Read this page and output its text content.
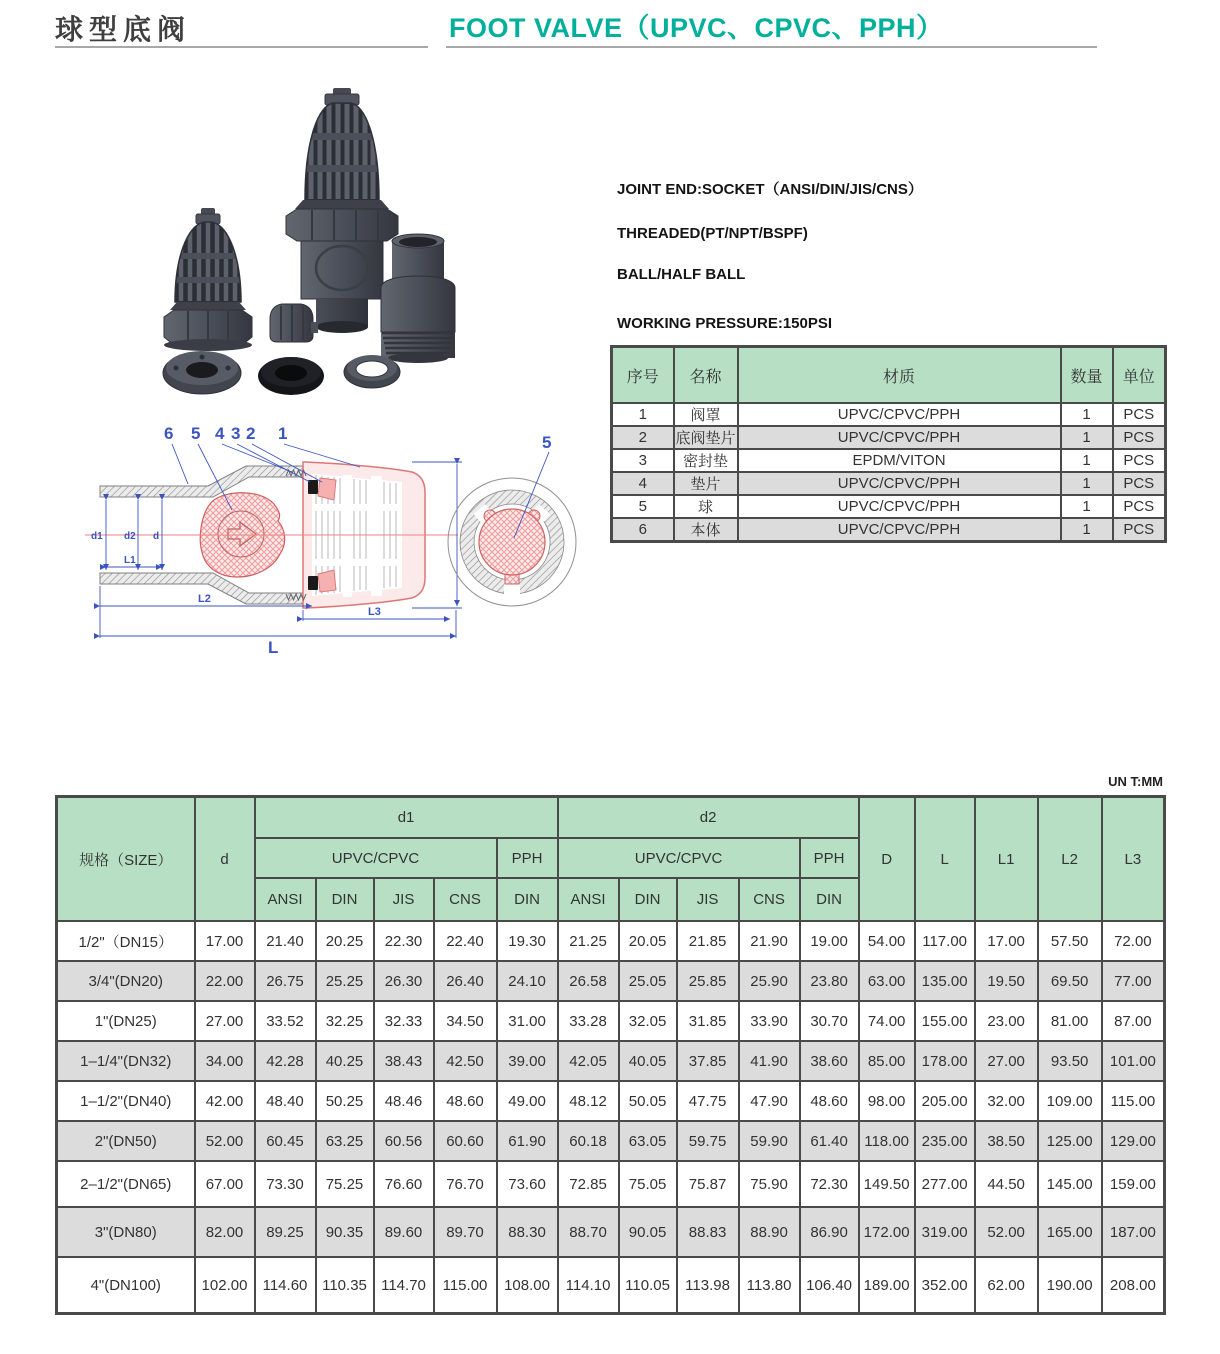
球型底阀	FOOT VALVE（UPVC、CPVC、PPH）
d1 d2 d
L1
L2
L3
L
6 5 4 3 2 1	5
JOINT END:SOCKET（ANSI/DIN/JIS/CNS）
THREADED(PT/NPT/BSPF)
BALL/HALF BALL
WORKING PRESSURE:150PSI
序号	名称	材质	数量	单位
1	阀罩	UPVC/CPVC/PPH	1	PCS
2	底阀垫片	UPVC/CPVC/PPH	1	PCS
3	密封垫	EPDM/VITON	1	PCS
4	垫片	UPVC/CPVC/PPH	1	PCS
5	球	UPVC/CPVC/PPH	1	PCS
6	本体	UPVC/CPVC/PPH	1	PCS
UN T:MM
规格（SIZE）	d	d1					d2					D	L	L1	L2	L3
		UPVC/CPVC				PPH	UPVC/CPVC				PPH					
		ANSI	DIN	JIS	CNS	DIN	ANSI	DIN	JIS	CNS	DIN					
1/2"（DN15）	17.00	21.40	20.25	22.30	22.40	19.30	21.25	20.05	21.85	21.90	19.00	54.00	117.00	17.00	57.50	72.00
3/4"(DN20)	22.00	26.75	25.25	26.30	26.40	24.10	26.58	25.05	25.85	25.90	23.80	63.00	135.00	19.50	69.50	77.00
1"(DN25)	27.00	33.52	32.25	32.33	34.50	31.00	33.28	32.05	31.85	33.90	30.70	74.00	155.00	23.00	81.00	87.00
1–1/4"(DN32)	34.00	42.28	40.25	38.43	42.50	39.00	42.05	40.05	37.85	41.90	38.60	85.00	178.00	27.00	93.50	101.00
1–1/2"(DN40)	42.00	48.40	50.25	48.46	48.60	49.00	48.12	50.05	47.75	47.90	48.60	98.00	205.00	32.00	109.00	115.00
2"(DN50)	52.00	60.45	63.25	60.56	60.60	61.90	60.18	63.05	59.75	59.90	61.40	118.00	235.00	38.50	125.00	129.00
2–1/2"(DN65)	67.00	73.30	75.25	76.60	76.70	73.60	72.85	75.05	75.87	75.90	72.30	149.50	277.00	44.50	145.00	159.00
3"(DN80)	82.00	89.25	90.35	89.60	89.70	88.30	88.70	90.05	88.83	88.90	86.90	172.00	319.00	52.00	165.00	187.00
4"(DN100)	102.00	114.60	110.35	114.70	115.00	108.00	114.10	110.05	113.98	113.80	106.40	189.00	352.00	62.00	190.00	208.00
